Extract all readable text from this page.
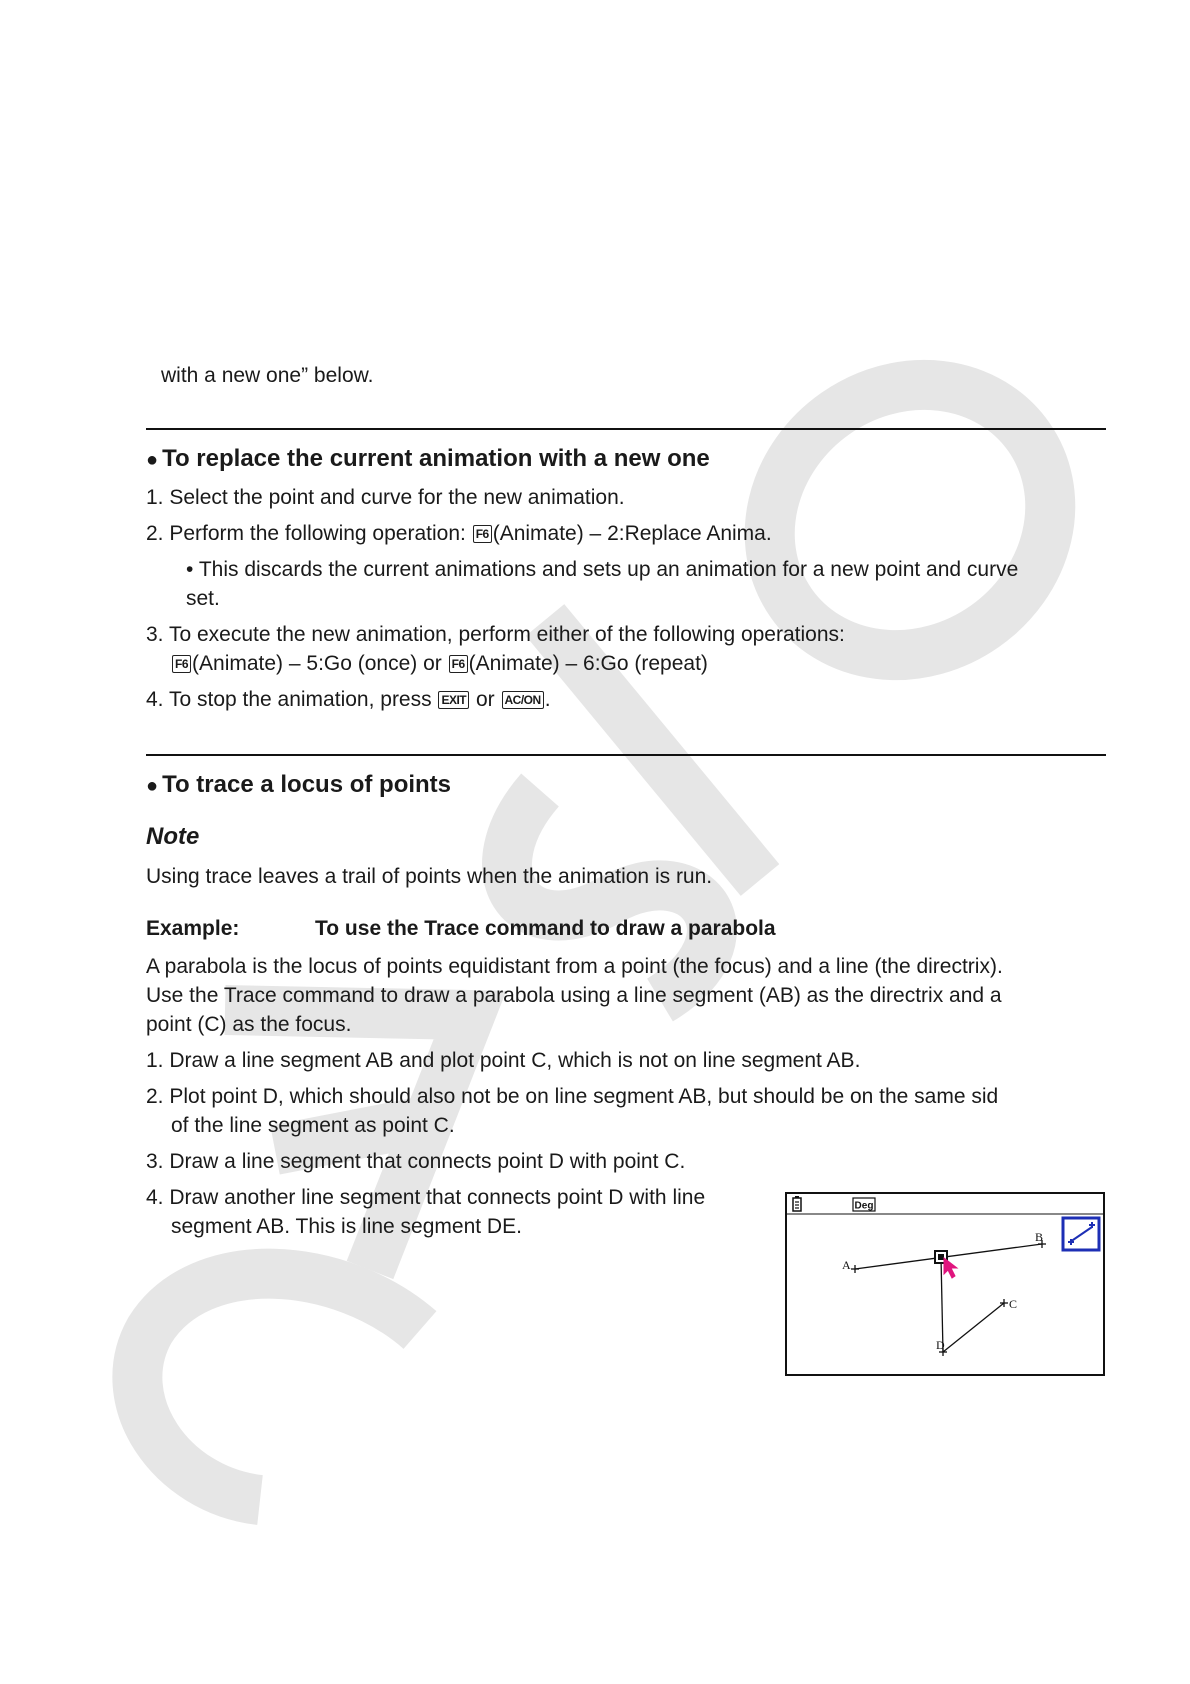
with a new one” below.
● To replace the current animation with a new one
1. Select the point and curve for the new animation.
2. Perform the following operation: F6 (Animate) – 2:Replace Anima.
• This discards the current animations and sets up an animation for a new point and curve
set.
3. To execute the new animation, perform either of the following operations:
F6 (Animate) – 5:Go (once) or F6 (Animate) – 6:Go (repeat)
4. To stop the animation, press EXIT or AC/ON .
● To trace a locus of points
Note
Using trace leaves a trail of points when the animation is run.
Example:	To use the Trace command to draw a parabola
A parabola is the locus of points equidistant from a point (the focus) and a line (the directrix).
Use the Trace command to draw a parabola using a line segment (AB) as the directrix and a
point (C) as the focus.
1. Draw a line segment AB and plot point C, which is not on line segment AB.
2. Plot point D, which should also not be on line segment AB, but should be on the same sid
of the line segment as point C.
3. Draw a line segment that connects point D with point C.
4. Draw another line segment that connects point D with line
segment AB. This is line segment DE.
Deg
A
B
C
D
